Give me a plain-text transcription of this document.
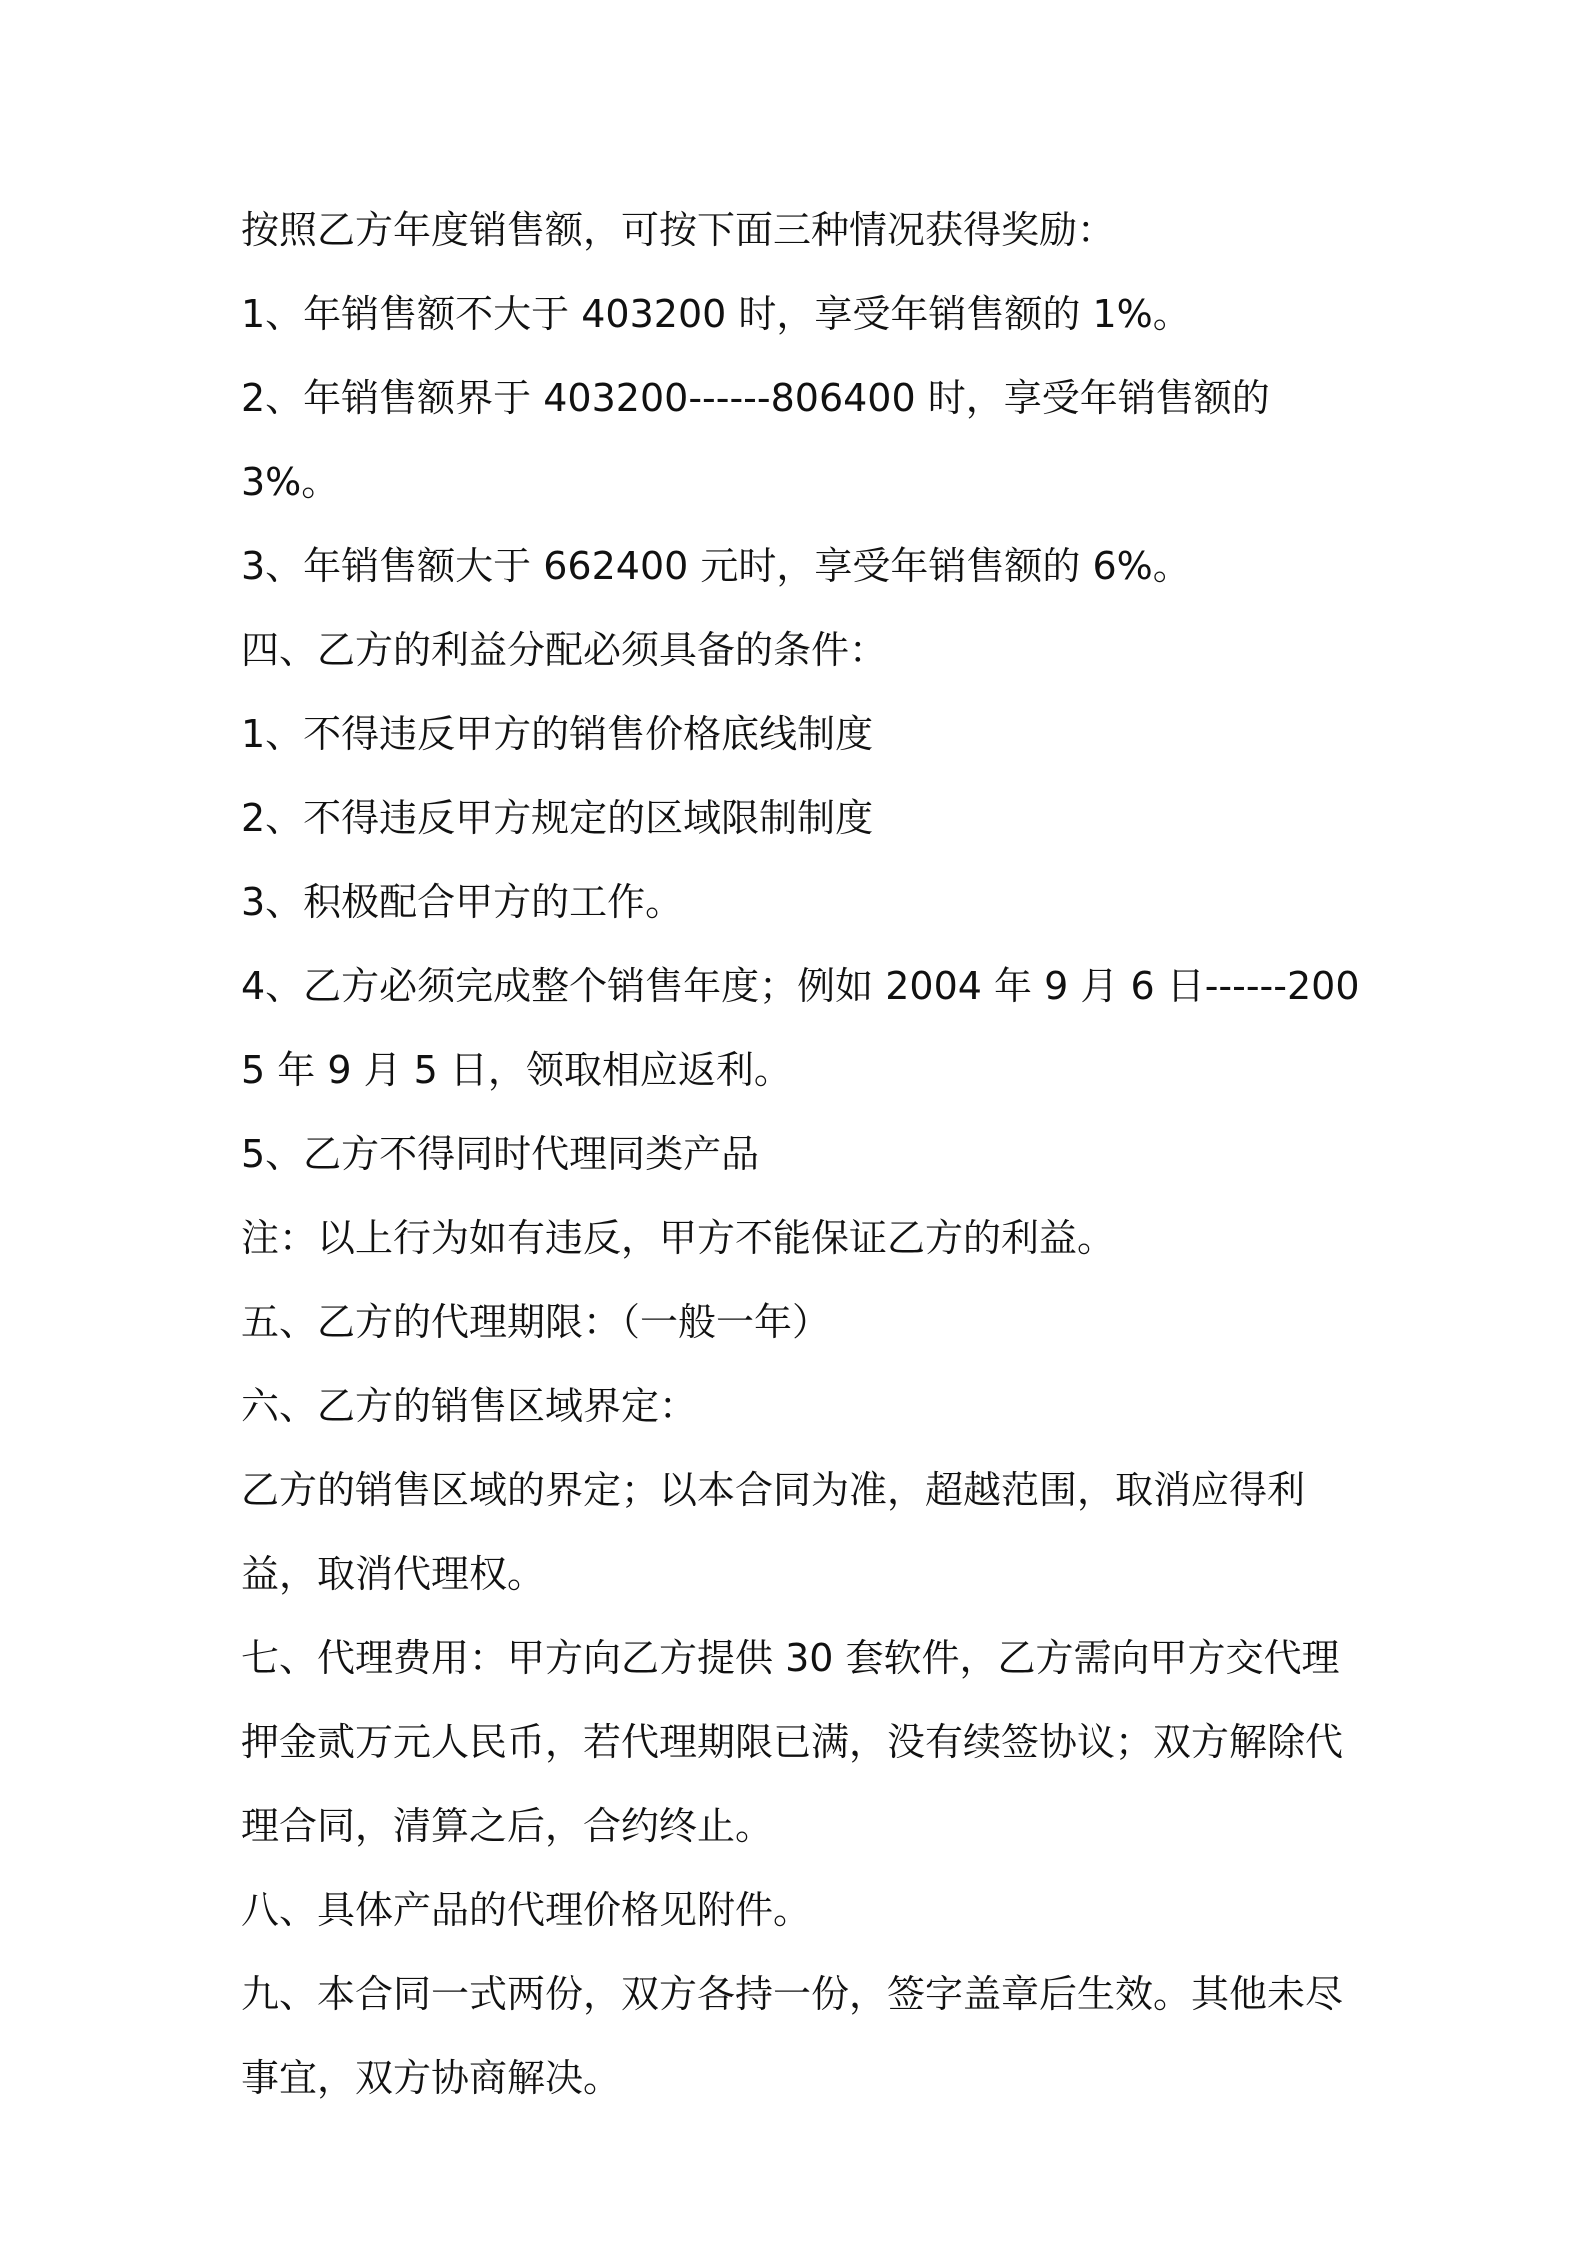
按照乙方年度销售额，可按下面三种情况获得奖励：

1、年销售额不大于 403200 时，享受年销售额的 1%。

2、年销售额界于 403200------806400 时，享受年销售额的 3%。

3、年销售额大于 662400 元时，享受年销售额的 6%。

四、乙方的利益分配必须具备的条件：

1、不得违反甲方的销售价格底线制度

2、不得违反甲方规定的区域限制制度

3、积极配合甲方的工作。

4、乙方必须完成整个销售年度；例如 2004 年 9 月 6 日------2005 年 9 月 5 日，领取相应返利。

5、乙方不得同时代理同类产品

注：以上行为如有违反，甲方不能保证乙方的利益。

五、乙方的代理期限：（一般一年）

六、乙方的销售区域界定：

乙方的销售区域的界定；以本合同为准，超越范围，取消应得利益，取消代理权。

七、代理费用：甲方向乙方提供 30 套软件，乙方需向甲方交代理押金贰万元人民币，若代理期限已满，没有续签协议；双方解除代理合同，清算之后，合约终止。

八、具体产品的代理价格见附件。

九、本合同一式两份，双方各持一份，签字盖章后生效。其他未尽事宜，双方协商解决。
